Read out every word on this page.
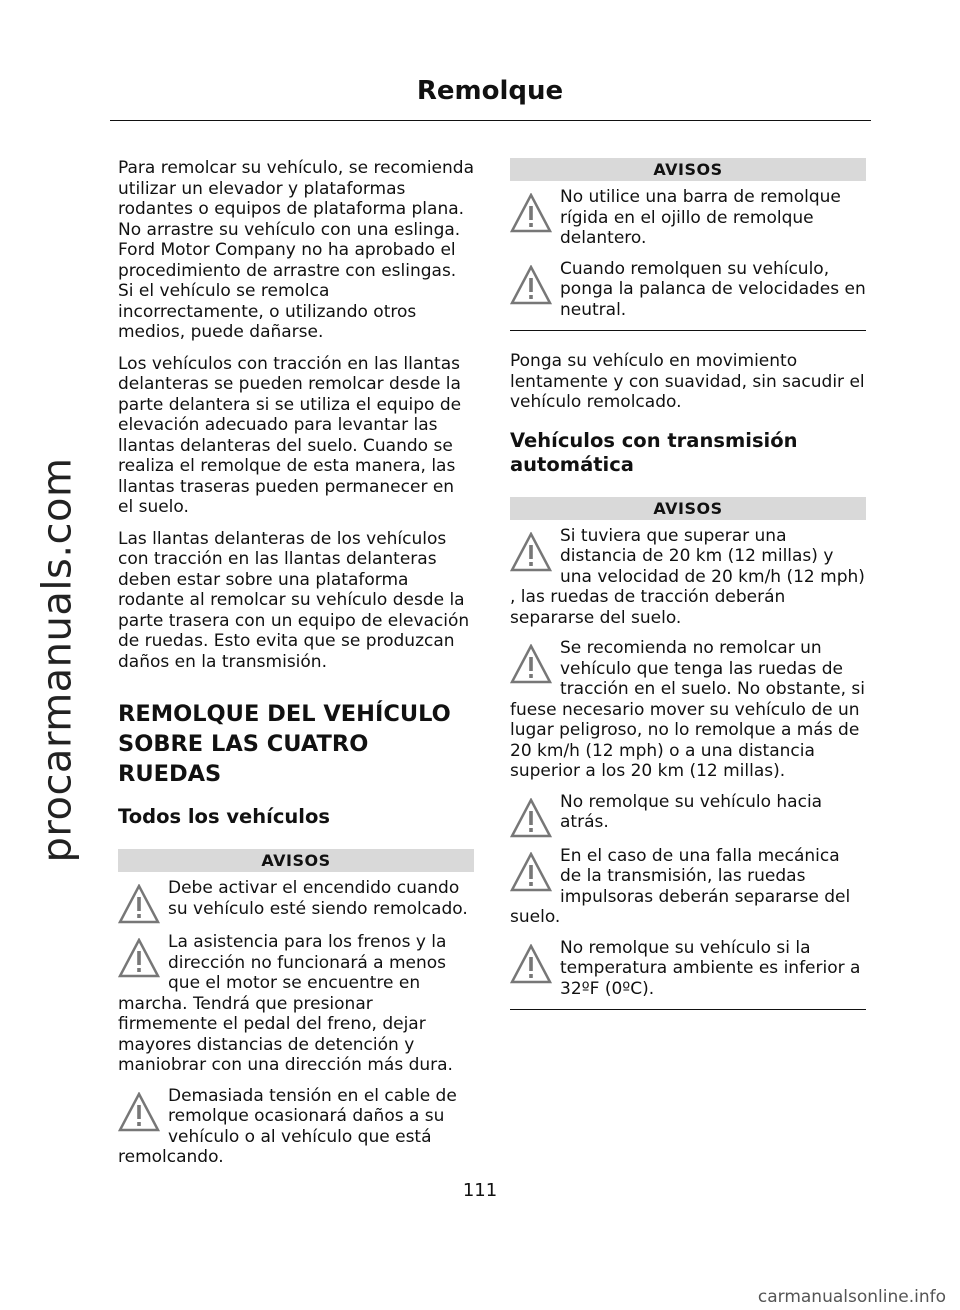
procarmanuals.com
Remolque

Para remolcar su vehículo, se recomienda utilizar un elevador y plataformas rodantes o equipos de plataforma plana. No arrastre su vehículo con una eslinga. Ford Motor Company no ha aprobado el procedimiento de arrastre con eslingas. Si el vehículo se remolca incorrectamente, o utilizando otros medios, puede dañarse.

Los vehículos con tracción en las llantas delanteras se pueden remolcar desde la parte delantera si se utiliza el equipo de elevación adecuado para levantar las llantas delanteras del suelo. Cuando se realiza el remolque de esta manera, las llantas traseras pueden permanecer en el suelo.

Las llantas delanteras de los vehículos con tracción en las llantas delanteras deben estar sobre una plataforma rodante al remolcar su vehículo desde la parte trasera con un equipo de elevación de ruedas. Esto evita que se produzcan daños en la transmisión.

REMOLQUE DEL VEHÍCULO
SOBRE LAS CUATRO RUEDAS
Todos los vehículos
AVISOS
Debe activar el encendido cuando su vehículo esté siendo remolcado.
La asistencia para los frenos y la dirección no funcionará a menos que el motor se encuentre en marcha. Tendrá que presionar firmemente el pedal del freno, dejar mayores distancias de detención y maniobrar con una dirección más dura.
Demasiada tensión en el cable de remolque ocasionará daños a su vehículo o al vehículo que está remolcando.
AVISOS
No utilice una barra de remolque rígida en el ojillo de remolque delantero.
Cuando remolquen su vehículo, ponga la palanca de velocidades en neutral.

Ponga su vehículo en movimiento lentamente y con suavidad, sin sacudir el vehículo remolcado.

Vehículos con transmisión automática
AVISOS
Si tuviera que superar una distancia de 20 km (12 millas) y una velocidad de 20 km/h (12 mph) , las ruedas de tracción deberán separarse del suelo.
Se recomienda no remolcar un vehículo que tenga las ruedas de tracción en el suelo. No obstante, si fuese necesario mover su vehículo de un lugar peligroso, no lo remolque a más de 20 km/h (12 mph) o a una distancia superior a los 20 km (12 millas).
No remolque su vehículo hacia atrás.
En el caso de una falla mecánica de la transmisión, las ruedas impulsoras deberán separarse del suelo.
No remolque su vehículo si la temperatura ambiente es inferior a 32ºF (0ºC).
111
carmanualsonline.info
